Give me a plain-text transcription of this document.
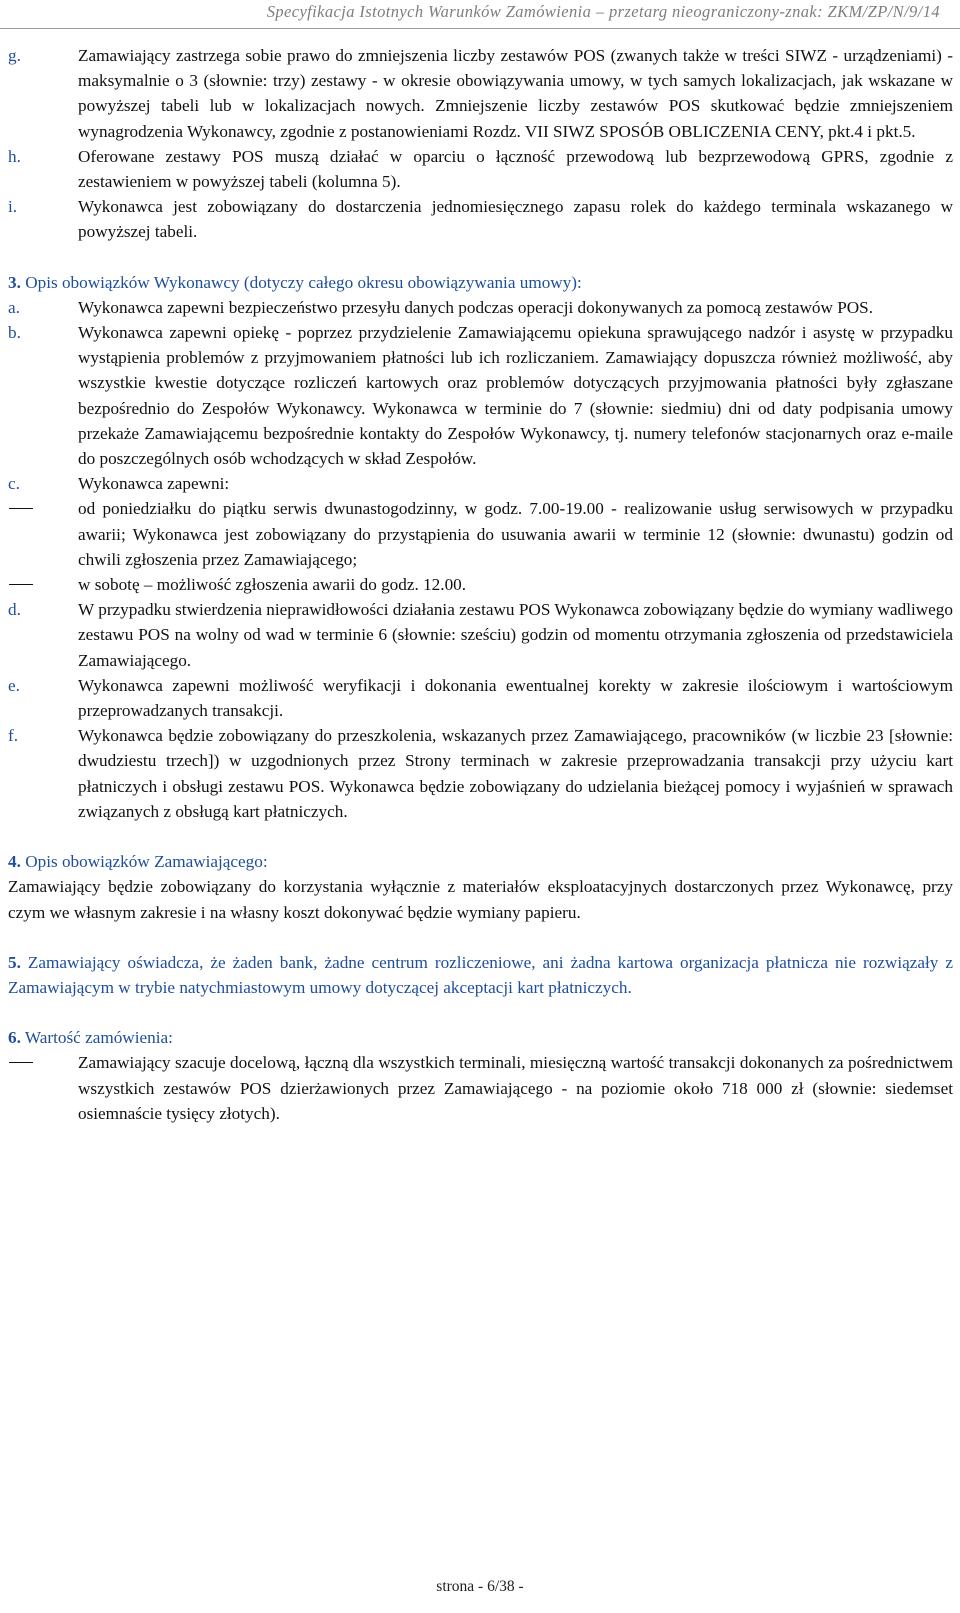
Specyfikacja Istotnych Warunków Zamówienia – przetarg nieograniczony-znak: ZKM/ZP/N/9/14
g.	Zamawiający zastrzega sobie prawo do zmniejszenia liczby zestawów POS (zwanych także w treści SIWZ - urządzeniami) - maksymalnie o 3 (słownie: trzy) zestawy - w okresie obowiązywania umowy, w tych samych lokalizacjach, jak wskazane w powyższej tabeli lub w lokalizacjach nowych. Zmniejszenie liczby zestawów POS skutkować będzie zmniejszeniem wynagrodzenia Wykonawcy, zgodnie z postanowieniami Rozdz. VII SIWZ SPOSÓB OBLICZENIA CENY, pkt.4 i pkt.5.
h.	Oferowane zestawy POS muszą działać w oparciu o łączność przewodową lub bezprzewodową GPRS, zgodnie z zestawieniem w powyższej tabeli (kolumna 5).
i.	Wykonawca jest zobowiązany do dostarczenia jednomiesięcznego zapasu rolek do każdego terminala wskazanego w powyższej tabeli.
3. Opis obowiązków Wykonawcy (dotyczy całego okresu obowiązywania umowy):
a.	Wykonawca zapewni bezpieczeństwo przesyłu danych podczas operacji dokonywanych za pomocą zestawów POS.
b.	Wykonawca zapewni opiekę - poprzez przydzielenie Zamawiającemu opiekuna sprawującego nadzór i asystę w przypadku wystąpienia problemów z przyjmowaniem płatności lub ich rozliczaniem. Zamawiający dopuszcza również możliwość, aby wszystkie kwestie dotyczące rozliczeń kartowych oraz problemów dotyczących przyjmowania płatności były zgłaszane bezpośrednio do Zespołów Wykonawcy. Wykonawca w terminie do 7 (słownie: siedmiu) dni od daty podpisania umowy przekaże Zamawiającemu bezpośrednie kontakty do Zespołów Wykonawcy, tj. numery telefonów stacjonarnych oraz e-maile do poszczególnych osób wchodzących w skład Zespołów.
c.	Wykonawca zapewni:
od poniedziałku do piątku serwis dwunastogodzinny, w godz. 7.00-19.00 - realizowanie usług serwisowych w przypadku awarii; Wykonawca jest zobowiązany do przystąpienia do usuwania awarii w terminie 12 (słownie: dwunastu) godzin od chwili zgłoszenia przez Zamawiającego;
w sobotę – możliwość zgłoszenia awarii do godz. 12.00.
d.	W przypadku stwierdzenia nieprawidłowości działania zestawu POS Wykonawca zobowiązany będzie do wymiany wadliwego zestawu POS na wolny od wad w terminie 6 (słownie: sześciu) godzin od momentu otrzymania zgłoszenia od przedstawiciela Zamawiającego.
e.	Wykonawca zapewni możliwość weryfikacji i dokonania ewentualnej korekty w zakresie ilościowym i wartościowym przeprowadzanych transakcji.
f.	Wykonawca będzie zobowiązany do przeszkolenia, wskazanych przez Zamawiającego, pracowników (w liczbie 23 [słownie: dwudziestu trzech]) w uzgodnionych przez Strony terminach w zakresie przeprowadzania transakcji przy użyciu kart płatniczych i obsługi zestawu POS. Wykonawca będzie zobowiązany do udzielania bieżącej pomocy i wyjaśnień w sprawach związanych z obsługą kart płatniczych.
4. Opis obowiązków Zamawiającego:
Zamawiający będzie zobowiązany do korzystania wyłącznie z materiałów eksploatacyjnych dostarczonych przez Wykonawcę, przy czym we własnym zakresie i na własny koszt dokonywać będzie wymiany papieru.
5. Zamawiający oświadcza, że żaden bank, żadne centrum rozliczeniowe, ani żadna kartowa organizacja płatnicza nie rozwiązały z Zamawiającym w trybie natychmiastowym umowy dotyczącej akceptacji kart płatniczych.
6. Wartość zamówienia:
Zamawiający szacuje docelową, łączną dla wszystkich terminali, miesięczną wartość transakcji dokonanych za pośrednictwem wszystkich zestawów POS dzierżawionych przez Zamawiającego - na poziomie około 718 000 zł (słownie: siedemset osiemnaście tysięcy złotych).
strona - 6/38 -
